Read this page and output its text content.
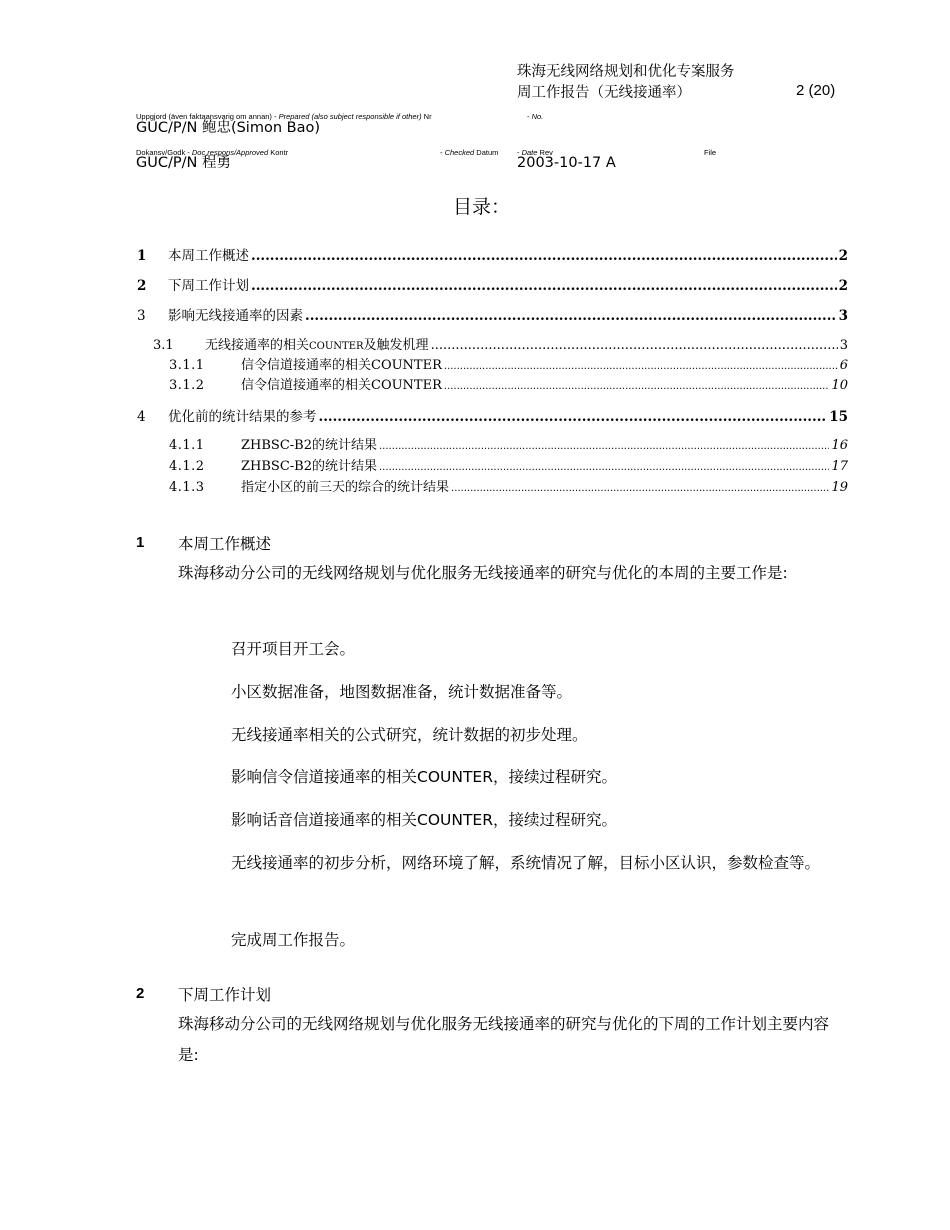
珠海无线网络规划和优化专案服务
周工作报告（无线接通率）	2 (20)
Uppgjord (även faktaansvarig om annan) - Prepared (also subject responsible if other) Nr	- No.
GUC/P/N 鲍忠(Simon Bao)
Dokansv/Godk - Doc respons/Approved Kontr	- Checked Datum - Date Rev	File
GUC/P/N 程勇	2003-10-17 A
目录：
1	本周工作概述 .....	2
2	下周工作计划 .....	2
3	影响无线接通率的因素 .....	3
3.1	无线接通率的相关COUNTER及触发机理 .....	3
3.1.1	信令信道接通率的相关COUNTER .....	6
3.1.2	信令信道接通率的相关COUNTER .....	10
4	优化前的统计结果的参考 .....	15
4.1.1	ZHBSC-B2的统计结果 .....	16
4.1.2	ZHBSC-B2的统计结果 .....	17
4.1.3	指定小区的前三天的综合的统计结果 .....	19
1 本周工作概述
珠海移动分公司的无线网络规划与优化服务无线接通率的研究与优化的本周的主要工作是:
召开项目开工会。
小区数据准备，地图数据准备，统计数据准备等。
无线接通率相关的公式研究，统计数据的初步处理。
影响信令信道接通率的相关COUNTER，接续过程研究。
影响话音信道接通率的相关COUNTER，接续过程研究。
无线接通率的初步分析，网络环境了解，系统情况了解，目标小区认识，参数检查等。
完成周工作报告。
2 下周工作计划
珠海移动分公司的无线网络规划与优化服务无线接通率的研究与优化的下周的工作计划主要内容是:
